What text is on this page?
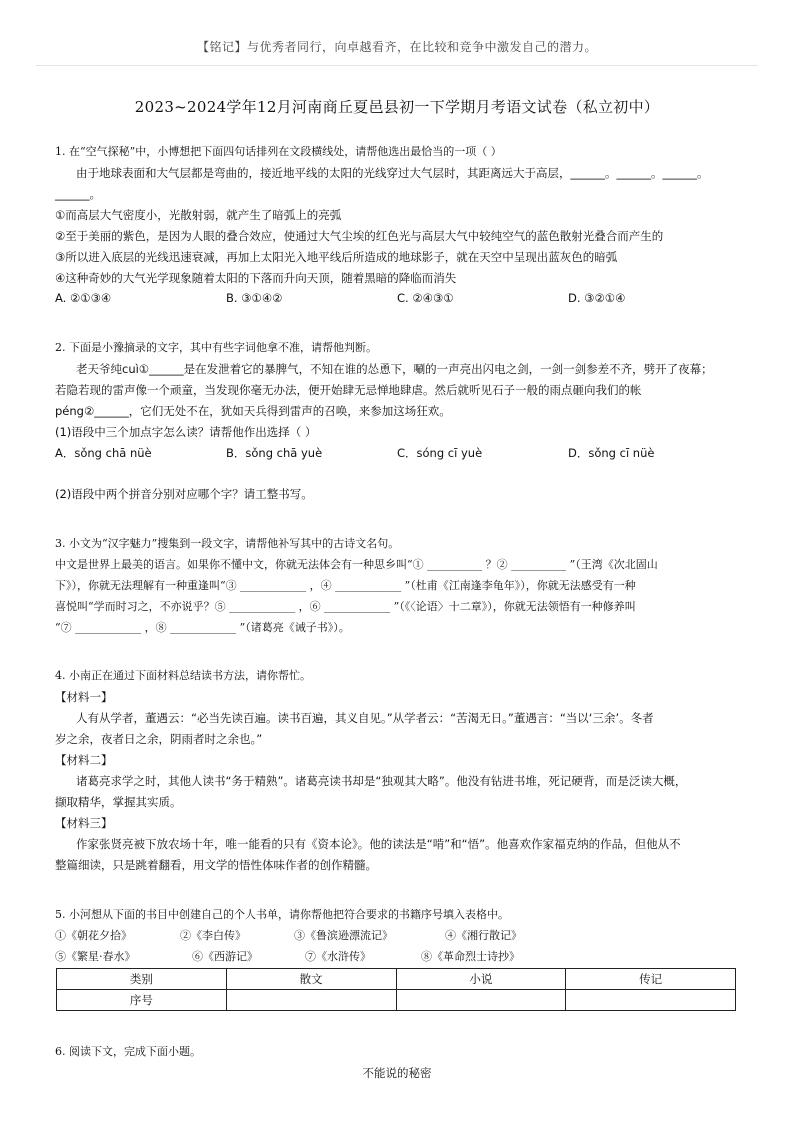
【铭记】与优秀者同行，向卓越看齐，在比较和竞争中激发自己的潜力。
2023~2024学年12月河南商丘夏邑县初一下学期月考语文试卷（私立初中）
1. 在“空气探秘”中，小博想把下面四句话排列在文段横线处，请帮他选出最恰当的一项（ ）
由于地球表面和大气层都是弯曲的，接近地平线的太阳的光线穿过大气层时，其距离远大于高层，______。______。______。
______。
①而高层大气密度小，光散射弱，就产生了暗弧上的亮弧
②至于美丽的紫色，是因为人眼的叠合效应，使通过大气尘埃的红色光与高层大气中较纯空气的蓝色散射光叠合而产生的
③所以进入底层的光线迅速衰减，再加上太阳光入地平线后所造成的地球影子，就在天空中呈现出蓝灰色的暗弧
④这种奇妙的大气光学现象随着太阳的下落而升向天顶，随着黑暗的降临而消失
A. ②①③④	B. ③①④②	C. ②④③①	D. ③②①④
2. 下面是小豫摘录的文字，其中有些字词他拿不准，请帮他判断。
老天爷纯cuì①______是在发泄着它的暴脾气，不知在谁的怂恿下，唰的一声亮出闪电之剑，一剑一剑参差不齐，劈开了夜幕；
若隐若现的雷声像一个顽童，当发现你毫无办法，便开始肆无忌惮地肆虐。然后就听见石子一般的雨点砸向我们的帐
péng②______，它们无处不在，犹如天兵得到雷声的召唤，来参加这场狂欢。
(1)语段中三个加点字怎么读？请帮他作出选择（ ）
A．sǒng chā nüè	B．sǒng chā yuè	C．sóng cī yuè	D．sǒng cī nüè
(2)语段中两个拼音分别对应哪个字？请工整书写。
3. 小文为“汉字魅力”搜集到一段文字，请帮他补写其中的古诗文名句。
中文是世界上最美的语言。如果你不懂中文，你就无法体会有一种思乡叫“① __________ ？② __________ ”（王湾《次北固山
下》），你就无法理解有一种重逢叫“③ ____________ ，④ ____________ ”（杜甫《江南逢李龟年》），你就无法感受有一种
喜悦叫“学而时习之，不亦说乎？⑤ ____________ ，⑥ ____________ ”（《〈论语〉十二章》），你就无法领悟有一种修养叫
“⑦ ____________ ，⑧ ____________ ”（诸葛亮《诫子书》）。
4. 小南正在通过下面材料总结读书方法，请你帮忙。
【材料一】
人有从学者，董遇云：“必当先读百遍。读书百遍，其义自见。”从学者云：“苦渴无日。”董遇言：“当以‘三余’。冬者
岁之余，夜者日之余，阴雨者时之余也。”
【材料二】
诸葛亮求学之时，其他人读书“务于精熟”。诸葛亮读书却是“独观其大略”。他没有钻进书堆，死记硬背，而是泛读大概，
撷取精华，掌握其实质。
【材料三】
作家张贤亮被下放农场十年，唯一能看的只有《资本论》。他的读法是“啃”和“悟”。他喜欢作家福克纳的作品，但他从不
整篇细读，只是跳着翻看，用文学的悟性体味作者的创作精髓。
5. 小河想从下面的书目中创建自己的个人书单，请你帮他把符合要求的书籍序号填入表格中。
①《朝花夕拾》	②《李白传》	③《鲁滨逊漂流记》	④《湘行散记》
⑤《繁星·春水》	⑥《西游记》	⑦《水浒传》	⑧《革命烈士诗抄》
类别	散文	小说	传记
序号			
6. 阅读下文，完成下面小题。
不能说的秘密
